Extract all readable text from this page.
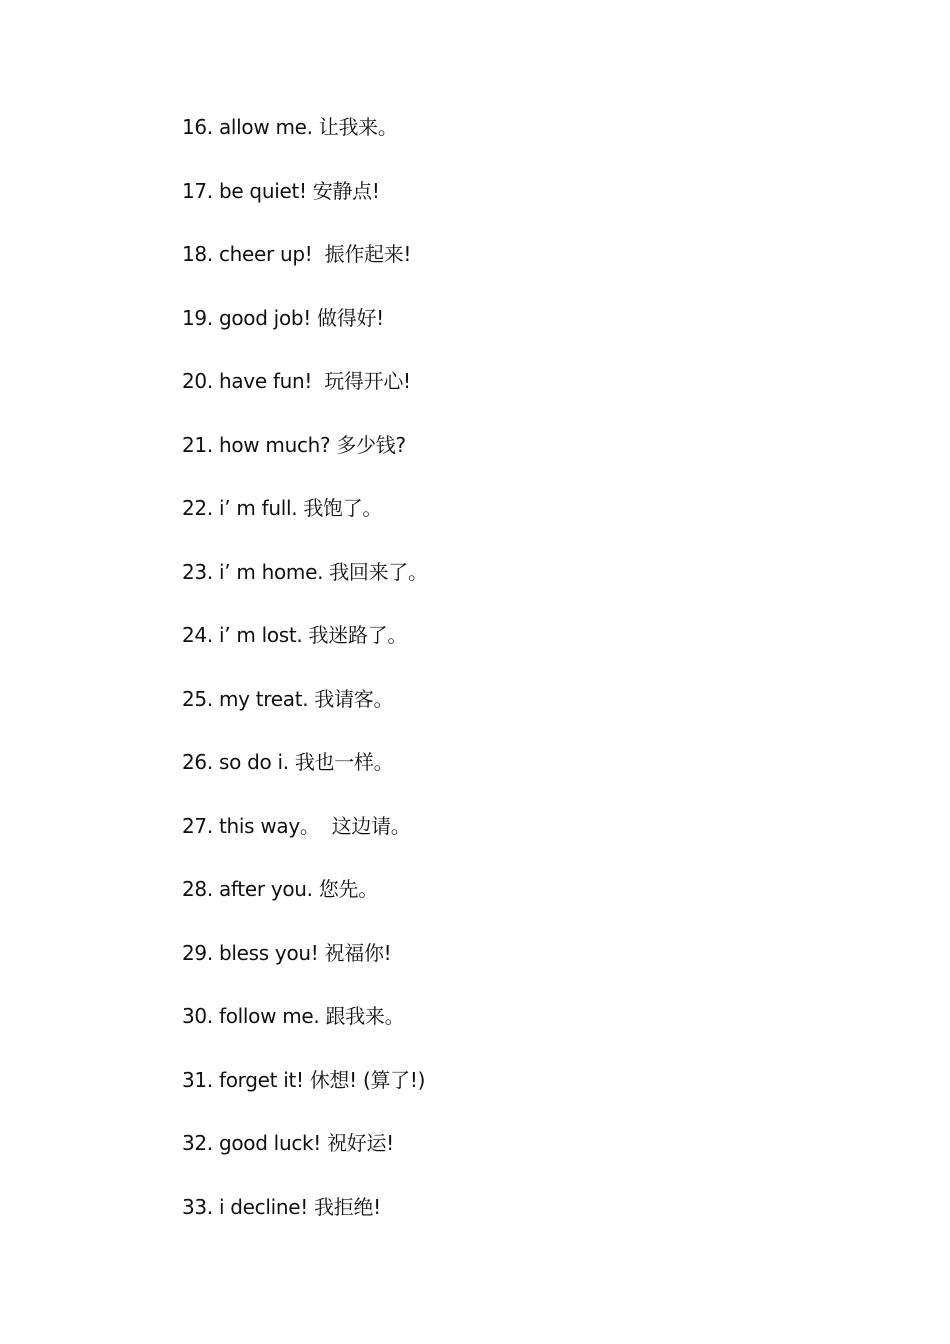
16. allow me. 让我来。
17. be quiet! 安静点!
18. cheer up!  振作起来!
19. good job! 做得好!
20. have fun!  玩得开心!
21. how much? 多少钱?
22. i’ m full. 我饱了。
23. i’ m home. 我回来了。
24. i’ m lost. 我迷路了。
25. my treat. 我请客。
26. so do i. 我也一样。
27. this way。  这边请。
28. after you. 您先。
29. bless you! 祝福你!
30. follow me. 跟我来。
31. forget it! 休想! (算了!)
32. good luck! 祝好运!
33. i decline! 我拒绝!
